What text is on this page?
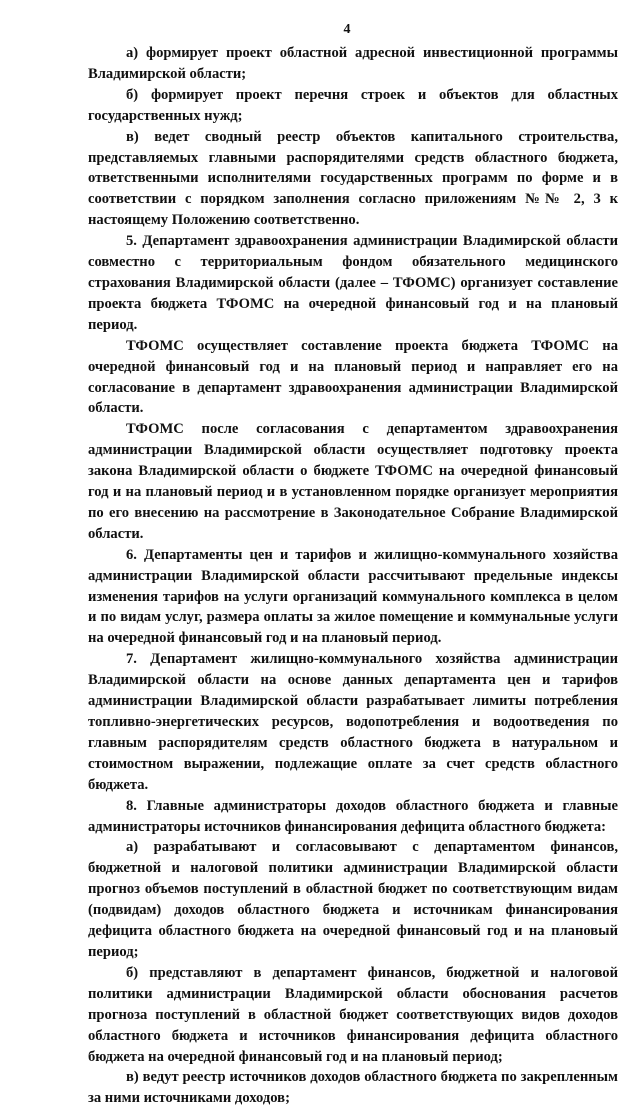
4

а) формирует проект областной адресной инвестиционной программы Владимирской области;

б) формирует проект перечня строек и объектов для областных государственных нужд;

в) ведет сводный реестр объектов капитального строительства, представляемых главными распорядителями средств областного бюджета, ответственными исполнителями государственных программ по форме и в соответствии с порядком заполнения согласно приложениям №№ 2, 3 к настоящему Положению соответственно.

5. Департамент здравоохранения администрации Владимирской области совместно с территориальным фондом обязательного медицинского страхования Владимирской области (далее – ТФОМС) организует составление проекта бюджета ТФОМС на очередной финансовый год и на плановый период.

ТФОМС осуществляет составление проекта бюджета ТФОМС на очередной финансовый год и на плановый период и направляет его на согласование в департамент здравоохранения администрации Владимирской области.

ТФОМС после согласования с департаментом здравоохранения администрации Владимирской области осуществляет подготовку проекта закона Владимирской области о бюджете ТФОМС на очередной финансовый год и на плановый период и в установленном порядке организует мероприятия по его внесению на рассмотрение в Законодательное Собрание Владимирской области.

6. Департаменты цен и тарифов и жилищно-коммунального хозяйства администрации Владимирской области рассчитывают предельные индексы изменения тарифов на услуги организаций коммунального комплекса в целом и по видам услуг, размера оплаты за жилое помещение и коммунальные услуги на очередной финансовый год и на плановый период.

7. Департамент жилищно-коммунального хозяйства администрации Владимирской области на основе данных департамента цен и тарифов администрации Владимирской области разрабатывает лимиты потребления топливно-энергетических ресурсов, водопотребления и водоотведения по главным распорядителям средств областного бюджета в натуральном и стоимостном выражении, подлежащие оплате за счет средств областного бюджета.

8. Главные администраторы доходов областного бюджета и главные администраторы источников финансирования дефицита областного бюджета:

а) разрабатывают и согласовывают с департаментом финансов, бюджетной и налоговой политики администрации Владимирской области прогноз объемов поступлений в областной бюджет по соответствующим видам (подвидам) доходов областного бюджета и источникам финансирования дефицита областного бюджета на очередной финансовый год и на плановый период;

б) представляют в департамент финансов, бюджетной и налоговой политики администрации Владимирской области обоснования расчетов прогноза поступлений в областной бюджет соответствующих видов доходов областного бюджета и источников финансирования дефицита областного бюджета на очередной финансовый год и на плановый период;

в) ведут реестр источников доходов областного бюджета по закрепленным за ними источниками доходов;
